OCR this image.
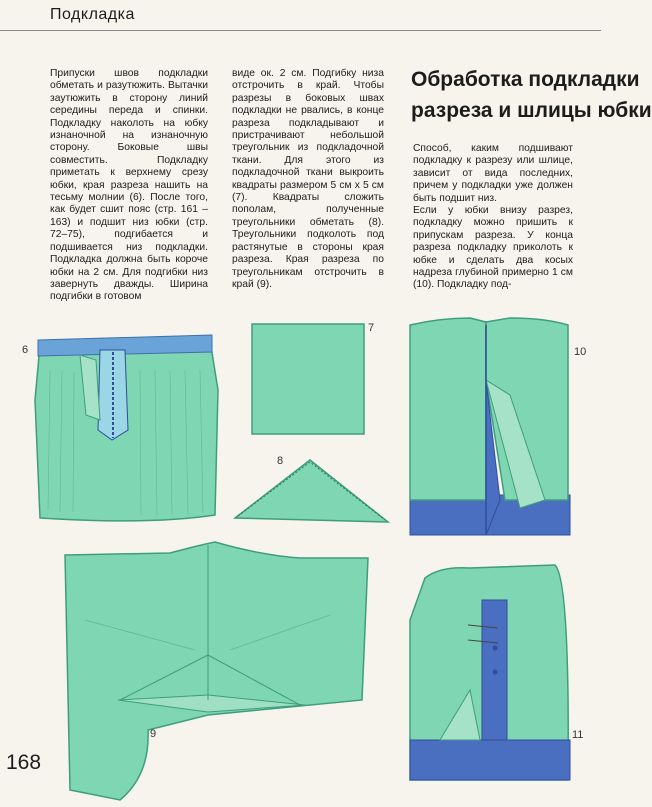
Подкладка

Припуски швов подкладки обметать и разутюжить. Вытачки заутюжить в сторону линий середины переда и спинки. Подкладку наколоть на юбку изнаночной на изнаночную сторону. Боковые швы совместить. Подкладку приметать к верхнему срезу юбки, края разреза нашить на тесьму молнии (6). После того, как будет сшит пояс (стр. 161 –163) и подшит низ юбки (стр. 72–75), подгибается и подшивается низ подкладки. Подкладка должна быть короче юбки на 2 см. Для подгибки низ завернуть дважды. Ширина подгибки в готовом

виде ок. 2 см. Подгибку низа отстрочить в край. Чтобы разрезы в боковых швах подкладки не рвались, в конце разреза подкладывают и пристрачивают небольшой треугольник из подкладочной ткани. Для этого из подкладочной ткани выкроить квадраты размером 5 см х 5 см (7). Квадраты сложить пополам, полученные треугольники обметать (8). Треугольники подколоть под растянутые в стороны края разреза. Края разреза по треугольникам отстрочить в край (9).

Обработка подкладки
разреза и шлицы юбки

Способ, каким подшивают подкладку к разрезу или шлице, зависит от вида последних, причем у подкладки уже должен быть подшит низ.

Если у юбки внизу разрез, подкладку можно пришить к припускам разреза. У конца разреза подкладку приколоть к юбке и сделать два косых надреза глубиной примерно 1 см (10). Подкладку под-

6
7
8
9
10
11
168
